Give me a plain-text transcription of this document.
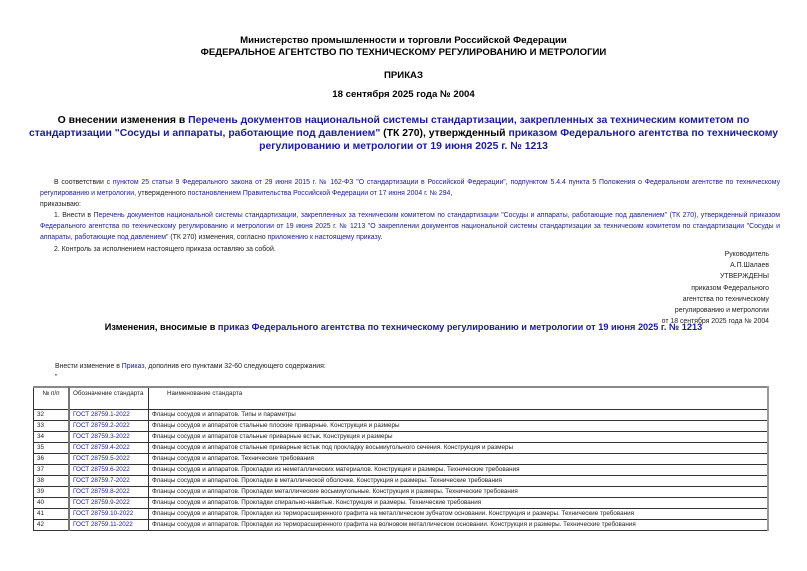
Министерство промышленности и торговли Российской Федерации
ФЕДЕРАЛЬНОЕ АГЕНТСТВО ПО ТЕХНИЧЕСКОМУ РЕГУЛИРОВАНИЮ И МЕТРОЛОГИИ
ПРИКАЗ
18 сентября 2025 года № 2004
О внесении изменения в Перечень документов национальной системы стандартизации, закрепленных за техническим комитетом по стандартизации "Сосуды и аппараты, работающие под давлением" (ТК 270), утвержденный приказом Федерального агентства по техническому регулированию и метрологии от 19 июня 2025 г. № 1213

В соответствии с пунктом 25 статьи 9 Федерального закона от 29 июня 2015 г. № 162-ФЗ "О стандартизации в Российской Федерации", подпунктом 5.4.4 пункта 5 Положения о Федеральном агентстве по техническому регулированию и метрологии, утвержденного постановлением Правительства Российской Федерации от 17 июня 2004 г. № 294,

приказываю:

1. Внести в Перечень документов национальной системы стандартизации, закрепленных за техническим комитетом по стандартизации "Сосуды и аппараты, работающие под давлением" (ТК 270), утвержденный приказом Федерального агентства по техническому регулированию и метрологии от 19 июня 2025 г. № 1213 "О закреплении документов национальной системы стандартизации за техническим комитетом по стандартизации "Сосуды и аппараты, работающие под давлением" (ТК 270) изменения, согласно приложению к настоящему приказу.

2. Контроль за исполнением настоящего приказа оставляю за собой.

Руководитель
А.П.Шалаев
УТВЕРЖДЕНЫ
приказом Федерального
агентства по техническому
регулированию и метрологии
от 18 сентября 2025 года № 2004
Изменения, вносимые в приказ Федерального агентства по техническому регулированию и метрологии от 19 июня 2025 г. № 1213
Внести изменение в Приказ, дополнив его пунктами 32-60 следующего содержания:
"
№ п/п	Обозначение стандарта	Наименование стандарта
32	ГОСТ 28759.1-2022	Фланцы сосудов и аппаратов. Типы и параметры
33	ГОСТ 28759.2-2022	Фланцы сосудов и аппаратов стальные плоские приварные. Конструкция и размеры
34	ГОСТ 28759.3-2022	Фланцы сосудов и аппаратов стальные приварные встык. Конструкция и размеры
35	ГОСТ 28759.4-2022	Фланцы сосудов и аппаратов стальные приварные встык под прокладку восьмиугольного сечения. Конструкция и размеры
36	ГОСТ 28759.5-2022	Фланцы сосудов и аппаратов. Технические требования
37	ГОСТ 28759.6-2022	Фланцы сосудов и аппаратов. Прокладки из неметаллических материалов. Конструкция и размеры. Технические требования
38	ГОСТ 28759.7-2022	Фланцы сосудов и аппаратов. Прокладки в металлической оболочке. Конструкция и размеры. Технические требования
39	ГОСТ 28759.8-2022	Фланцы сосудов и аппаратов. Прокладки металлические восьмиугольные. Конструкция и размеры. Технические требования
40	ГОСТ 28759.9-2022	Фланцы сосудов и аппаратов. Прокладки спирально-навитые. Конструкция и размеры. Технические требования
41	ГОСТ 28759.10-2022	Фланцы сосудов и аппаратов. Прокладки из терморасширенного графита на металлическом зубчатом основании. Конструкция и размеры. Технические требования
42	ГОСТ 28759.11-2022	Фланцы сосудов и аппаратов. Прокладки из терморасширенного графита на волновом металлическом основании. Конструкция и размеры. Технические требования
